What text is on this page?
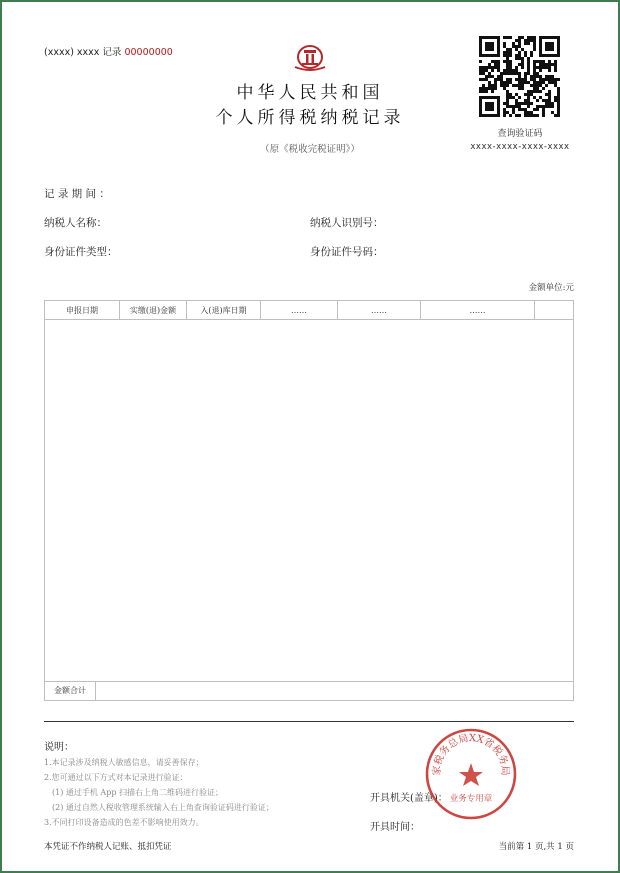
(xxxx) xxxx 记录 00000000
中华人民共和国
个人所得税纳税记录
（原《税收完税证明》）
查询验证码
xxxx-xxxx-xxxx-xxxx
记 录 期 间 ：
纳税人名称：	纳税人识别号：
身份证件类型：	身份证件号码：
金额单位:元
申报日期	实缴(退)金额	入(退)库日期	……	……	……	
金额合计
说明：
1.本记录涉及纳税人敏感信息，请妥善保存；
2.您可通过以下方式对本记录进行验证：
(1) 通过手机 App 扫描右上角二维码进行验证；
(2) 通过自然人税收管理系统输入右上角查询验证码进行验证；
3.不同打印设备造成的色差不影响使用效力。
开具机关(盖章)：
开具时间：
家税务总局XX省税务局
业务专用章
本凭证不作纳税人记账、抵扣凭证	当前第 1 页,共 1 页
